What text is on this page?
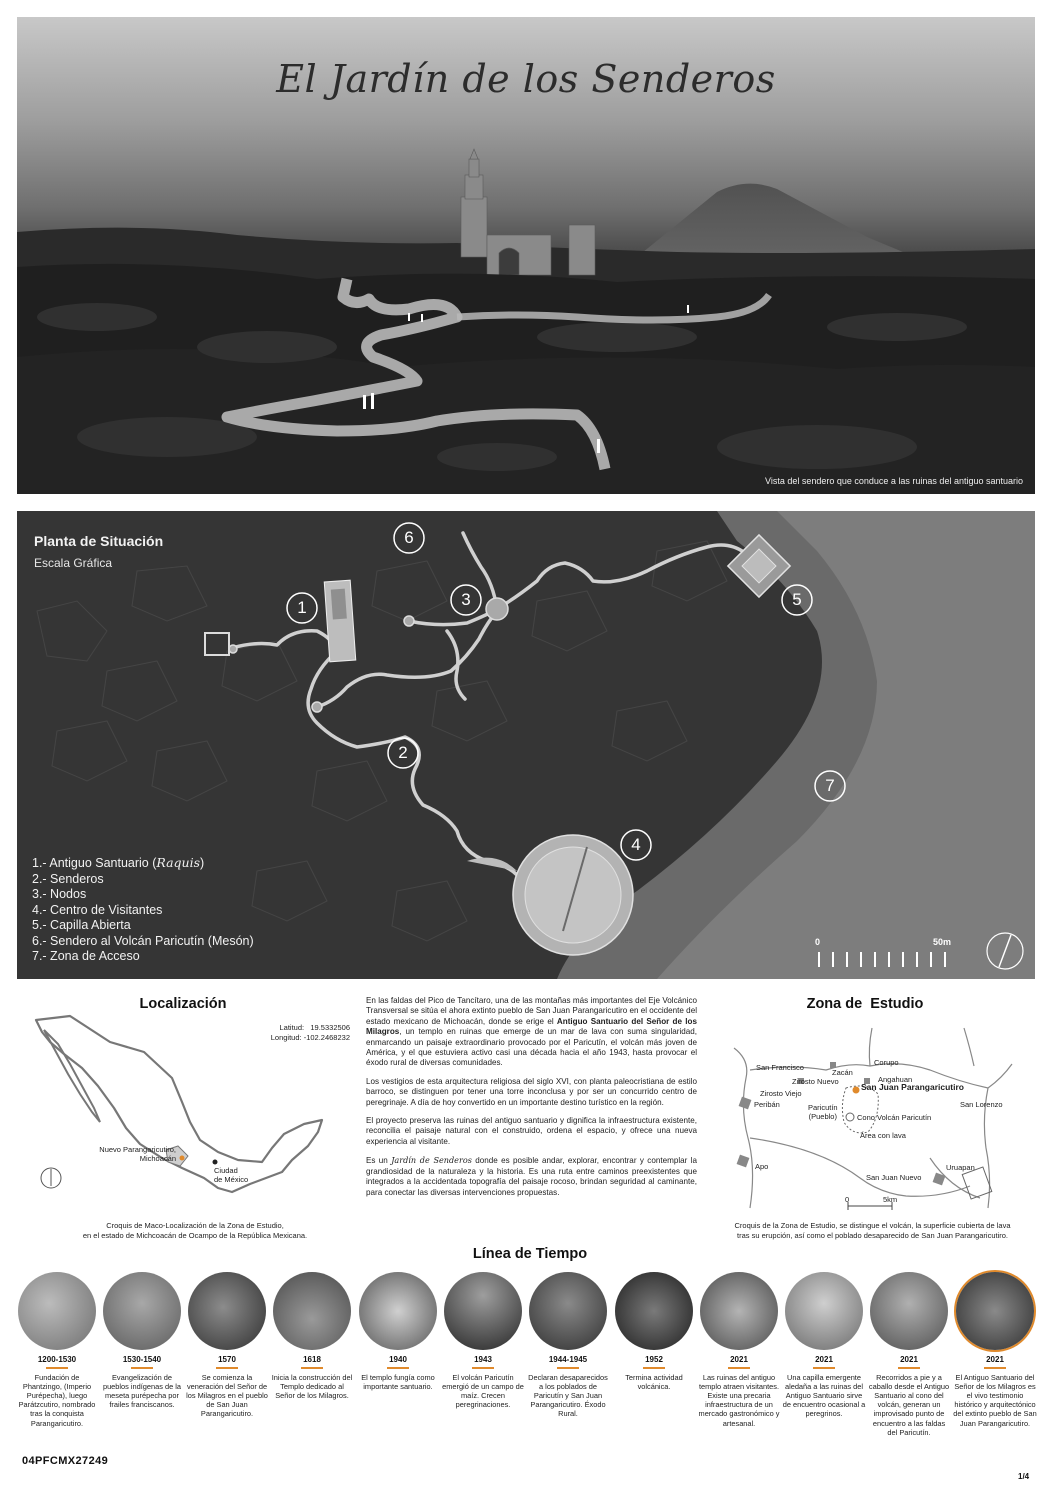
El Jardín de los Senderos
Vista del sendero que conduce a las ruinas del antiguo santuario
Planta de Situación
Escala Gráfica
1
2
3
4
5
6
7
1.- Antiguo Santuario (Raquis)
2.- Senderos
3.- Nodos
4.- Centro de Visitantes
5.- Capilla Abierta
6.- Sendero al Volcán Paricutín (Mesón)
7.- Zona de Acceso
0	50m
Localización
Latitud: 19.5332506
Longitud: -102.2468232
Nuevo Parangaricutiro,
Michoacán
Ciudad
de México
Croquis de Maco-Localización de la Zona de Estudio,
en el estado de Michcoacán de Ocampo de la República Mexicana.

En las faldas del Pico de Tancítaro, una de las montañas más importantes del Eje Volcánico Transversal se sitúa el ahora extinto pueblo de San Juan Parangaricutiro en el occidente del estado mexicano de Michoacán, donde se erige el Antiguo Santuario del Señor de los Milagros, un templo en ruinas que emerge de un mar de lava con suma singularidad, enmarcando un paisaje extraordinario provocado por el Paricutín, el volcán más joven de América, y el que estuviera activo casi una década hacia el año 1943, hasta provocar el éxodo rural de diversas comunidades.

Los vestigios de esta arquitectura religiosa del siglo XVI, con planta paleocristiana de estilo barroco, se distinguen por tener una torre inconclusa y por ser un concurrido centro de peregrinaje. A día de hoy convertido en un importante destino turístico en la región.

El proyecto preserva las ruinas del antiguo santuario y dignifica la infraestructura existente, reconcilia el paisaje natural con el construido, ordena el espacio, y ofrece una nueva experiencia al visitante.

Es un Jardín de Senderos donde es posible andar, explorar, encontrar y contemplar la grandiosidad de la naturaleza y la historia. Es una ruta entre caminos preexistentes que integrados a la accidentada topografía del paisaje rocoso, brindan seguridad al caminante, para conectar las diversas intervenciones propuestas.

Zona de  Estudio
Corupo
San Francisco
Zacán
Zirosto Nuevo	Angahuan
Zirosto Viejo
San Juan Parangaricutiro
San Lorenzo
Peribán	Paricutín
(Pueblo)	Cono Volcán Paricutín
Área con lava
Apo	Uruapan
San Juan Nuevo
0	5km
Croquis de la Zona de Estudio, se distingue el volcán, la superficie cubierta de lava
tras su erupción, así como el poblado desaparecido de San Juan Parangaricutiro.
Línea de Tiempo
1200-1530
Fundación de Phantzingo, (Imperio Purépecha), luego Parátzcutiro, nombrado tras la conquista Parangaricutiro.
1530-1540
Evangelización de pueblos indígenas de la meseta purépecha por frailes franciscanos.
1570
Se comienza la veneración del Señor de los Milagros en el pueblo de San Juan Parangaricutiro.
1618
Inicia la construcción del Templo dedicado al Señor de los Milagros.
1940
El templo fungía como importante santuario.
1943
El volcán Paricutín emergió de un campo de maíz. Crecen peregrinaciones.
1944-1945
Declaran desaparecidos a los poblados de Paricutín y San Juan Parangaricutiro. Éxodo Rural.
1952
Termina actividad volcánica.
2021
Las ruinas del antiguo templo atraen visitantes. Existe una precaria infraestructura de un mercado gastronómico y artesanal.
2021
Una capilla emergente aledaña a las ruinas del Antiguo Santuario sirve de encuentro ocasional a peregrinos.
2021
Recorridos a pie y a caballo desde el Antiguo Santuario al cono del volcán, generan un improvisado punto de encuentro a las faldas del Paricutín.
2021
El Antiguo Santuario del Señor de los Milagros es el vivo testimonio histórico y arquitectónico del extinto pueblo de San Juan Parangaricutiro.
04PFCMX27249
1/4
